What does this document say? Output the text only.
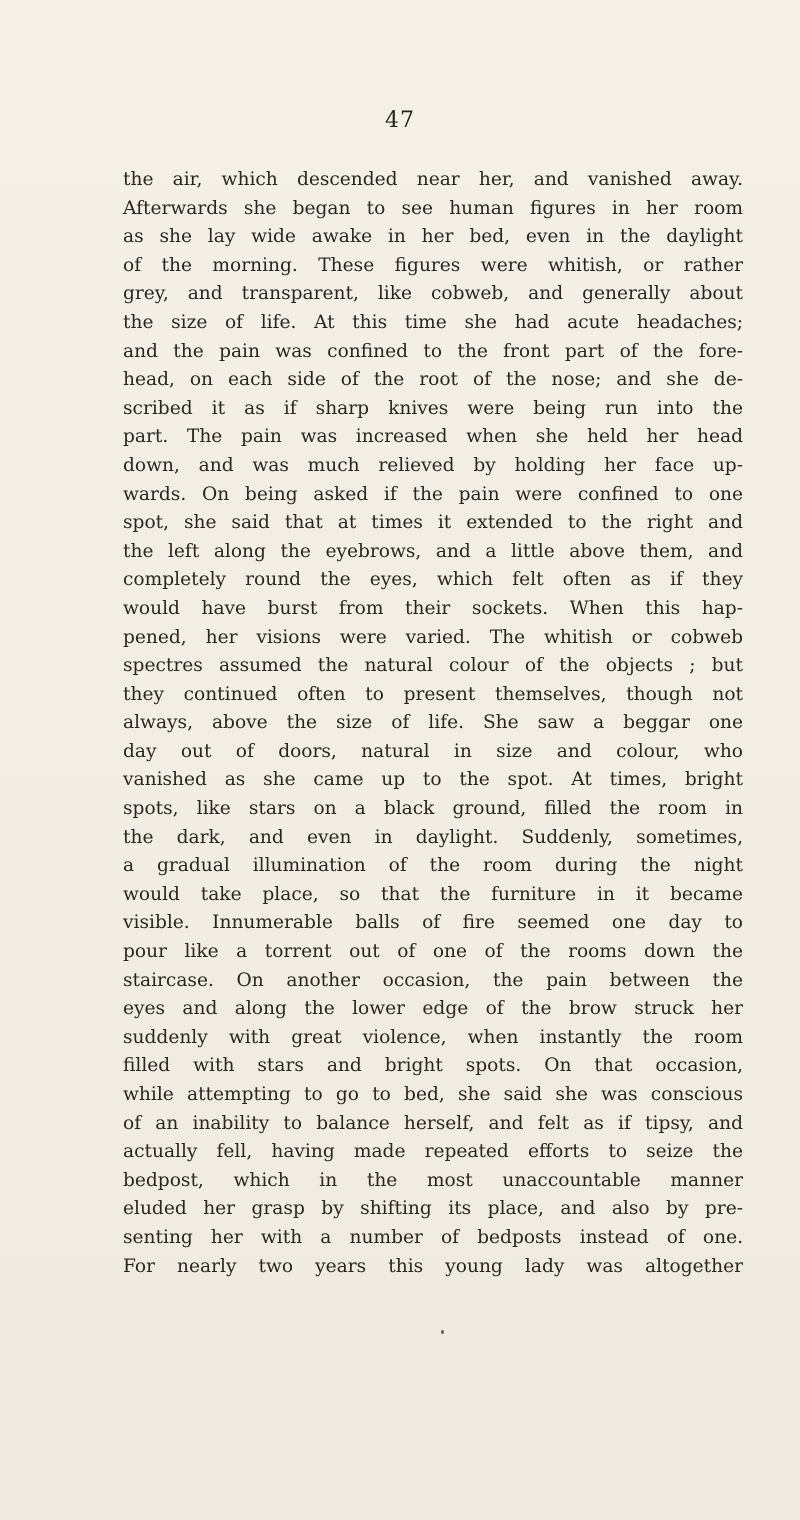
47
the air, which descended near her, and vanished away.
Afterwards she began to see human figures in her room
as she lay wide awake in her bed, even in the daylight
of the morning. These figures were whitish, or rather
grey, and transparent, like cobweb, and generally about
the size of life. At this time she had acute headaches;
and the pain was confined to the front part of the fore-
head, on each side of the root of the nose; and she de-
scribed it as if sharp knives were being run into the
part. The pain was increased when she held her head
down, and was much relieved by holding her face up-
wards. On being asked if the pain were confined to one
spot, she said that at times it extended to the right and
the left along the eyebrows, and a little above them, and
completely round the eyes, which felt often as if they
would have burst from their sockets. When this hap-
pened, her visions were varied. The whitish or cobweb
spectres assumed the natural colour of the objects ; but
they continued often to present themselves, though not
always, above the size of life. She saw a beggar one
day out of doors, natural in size and colour, who
vanished as she came up to the spot. At times, bright
spots, like stars on a black ground, filled the room in
the dark, and even in daylight. Suddenly, sometimes,
a gradual illumination of the room during the night
would take place, so that the furniture in it became
visible. Innumerable balls of fire seemed one day to
pour like a torrent out of one of the rooms down the
staircase. On another occasion, the pain between the
eyes and along the lower edge of the brow struck her
suddenly with great violence, when instantly the room
filled with stars and bright spots. On that occasion,
while attempting to go to bed, she said she was conscious
of an inability to balance herself, and felt as if tipsy, and
actually fell, having made repeated efforts to seize the
bedpost, which in the most unaccountable manner
eluded her grasp by shifting its place, and also by pre-
senting her with a number of bedposts instead of one.
For nearly two years this young lady was altogether
